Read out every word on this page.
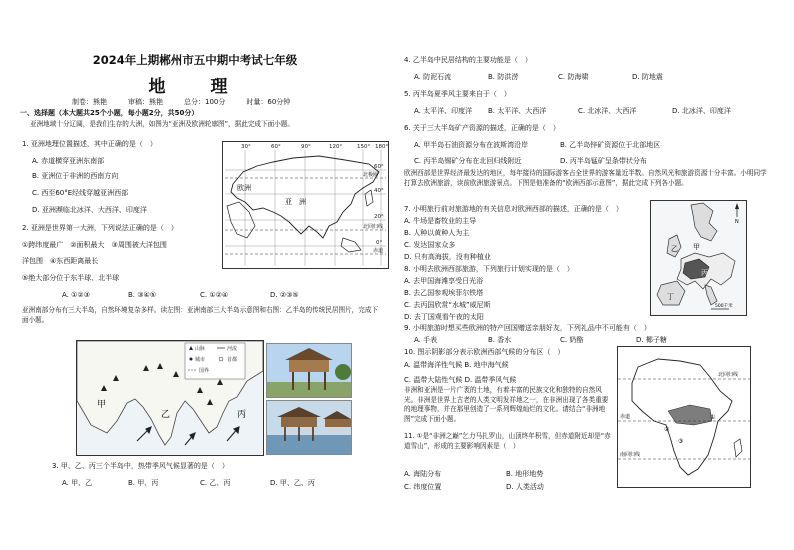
2024年上期郴州市五中期中考试七年级
地　理
制卷：熊艳　　　审稿：熊艳　　　总分：100分　　　时量：60分钟
一、选择题（本大题共25个小题，每小题2分，共50分）
亚洲地域十分辽阔，是我们生存的大洲，如图为“亚洲及欧洲轮廓图”，据此完成下面小题。
1. 亚洲地理位置描述，其中正确的是（　）
A. 赤道横穿亚洲东南部
B. 亚洲位于非洲的西南方向
C. 西至60°E经线穿越亚洲西部
D. 亚洲濒临北冰洋、大西洋、印度洋
2. 亚洲是世界第一大洲，下列说法正确的是（　）
①跨纬度最广　②面积最大　③周围被大洋包围
洋包围　④东西距离最长
⑤绝大部分位于东半球、北半球
A. ①②③	B. ③④⑤	C. ①②④	D. ②③⑤
亚洲南部分布有三大半岛，自然环境复杂多样。读左图：亚洲南部三大半岛示意图和右图：乙半岛的传统民居图片，完成下面小题。
3. 甲、乙、丙三个半岛中，热带季风气候显著的是（　）
A. 甲、乙	B. 甲、丙	C. 乙、丙	D. 甲、乙、丙
30°	60°	90°	120°	150° 180°
60°
40°
20°
0°
欧洲
亚　洲
北极圈
北回归线
赤道
山脉	河流
城市	首都
国界
甲
乙	丙
4. 乙半岛中民居结构的主要功能是（　）
A. 防泥石流	B. 防洪涝	C. 防海啸	D. 防地震
5. 丙半岛夏季风主要来自于（　）
A. 太平洋、印度洋 B. 太平洋、大西洋	C. 北冰洋、大西洋	D. 北冰洋、印度洋
6. 关于三大半岛矿产资源的描述，正确的是（　）
A. 甲半岛石油资源分布在波斯湾沿岸	B. 乙半岛锌矿资源位于北部地区
C. 丙半岛锡矿分布在北回归线附近	D. 丙半岛锰矿呈条带状分布
欧洲西部是世界经济最发达的地区，每年接待的国际游客占全世界的游客量近半数。自然风光和旅游资源十分丰富。小明同学打算去欧洲旅游，读前欧洲旅游景点。下图是他准备的“欧洲西部示意图”，据此完成下列各小题。
7. 小明旅行前对旅游地的有关信息对欧洲西部的描述，正确的是（　）
A. 牛场是畜牧业的主导
B. 人种以黄种人为主
C. 发达国家众多
D. 只有高海拔，没有种植业
8. 小明去欧洲西部旅游，下列旅行计划实现的是（　）
A. 去甲国海滩享受日光浴
B. 去乙国参观埃菲尔铁塔
C. 去丙国欣赏“水城”威尼斯
D. 去丁国观看午夜的太阳
9. 小明旅游时想买些欧洲的特产回国赠送亲朋好友，下列礼品中不可能有（　）
A. 手表	B. 香水	C. 奶酪	D. 椰子糖
10. 图示阴影部分表示欧洲西部气候的分布区（　）
A. 温带海洋性气候 B. 地中海气候
C. 温带大陆性气候 D. 温带季风气候
非洲和亚洲是一片广袤的土地，有着丰富的民族文化和独特的自然风光。非洲是世界上古老的人类文明发祥地之一，在非洲出现了各类重要的地理事物，并在那里创造了一系列辉煌灿烂的文化。请结合“非洲地图”完成下面小题。
11. ①是“非洲之巅”乞力马扎罗山，山顶终年积雪，但赤道附近却是“赤道雪山”，形成的主要影响因素是（　）
A. 海陆分布	B. 地形地势
C. 纬度位置	D. 人类活动
N
500千米
甲
乙
丙
丁
北回归线
赤道
南回归线
①
②
③
